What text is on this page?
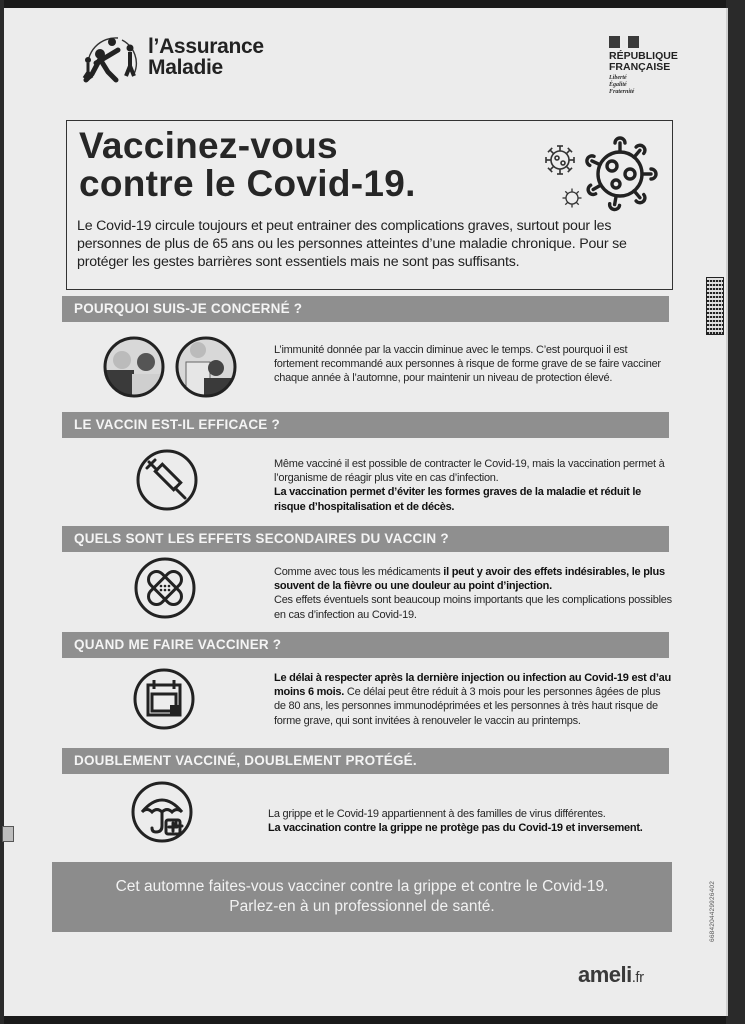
l’Assurance
Maladie	RÉPUBLIQUE
FRANÇAISE
Liberté
Égalité
Fraternité
Vaccinez-vous
contre le Covid-19.

Le Covid-19 circule toujours et peut entrainer des complications graves, surtout pour les personnes de plus de 65 ans ou les personnes atteintes d’une maladie chronique. Pour se protéger les gestes barrières sont essentiels mais ne sont pas suffisants.

POURQUOI SUIS-JE CONCERNÉ ?

L’immunité donnée par la vaccin diminue avec le temps. C’est pourquoi il est fortement recommandé aux personnes à risque de forme grave de se faire vacciner chaque année à l’automne, pour maintenir un niveau de protection élevé.

LE VACCIN EST-IL EFFICACE ?

Même vacciné il est possible de contracter le Covid-19, mais la vaccination permet à l’organisme de réagir plus vite en cas d’infection.
La vaccination permet d’éviter les formes graves de la maladie et réduit le risque d’hospitalisation et de décès.

QUELS SONT LES EFFETS SECONDAIRES DU VACCIN ?

Comme avec tous les médicaments il peut y avoir des effets indésirables, le plus souvent de la fièvre ou une douleur au point d’injection.
Ces effets éventuels sont beaucoup moins importants que les complications possibles en cas d’infection au Covid-19.

QUAND ME FAIRE VACCINER ?

Le délai à respecter après la dernière injection ou infection au Covid-19 est d’au moins 6 mois. Ce délai peut être réduit à 3 mois pour les personnes âgées de plus de 80 ans, les personnes immunodéprimées et les personnes à très haut risque de forme grave, qui sont invitées à renouveler le vaccin au printemps.

DOUBLEMENT VACCINÉ, DOUBLEMENT PROTÉGÉ.

La grippe et le Covid-19 appartiennent à des familles de virus différentes.
La vaccination contre la grippe ne protège pas du Covid-19 et inversement.

Cet automne faites-vous vacciner contre la grippe et contre le Covid-19.
Parlez-en à un professionnel de santé.	6684204429926402
ameli.fr
